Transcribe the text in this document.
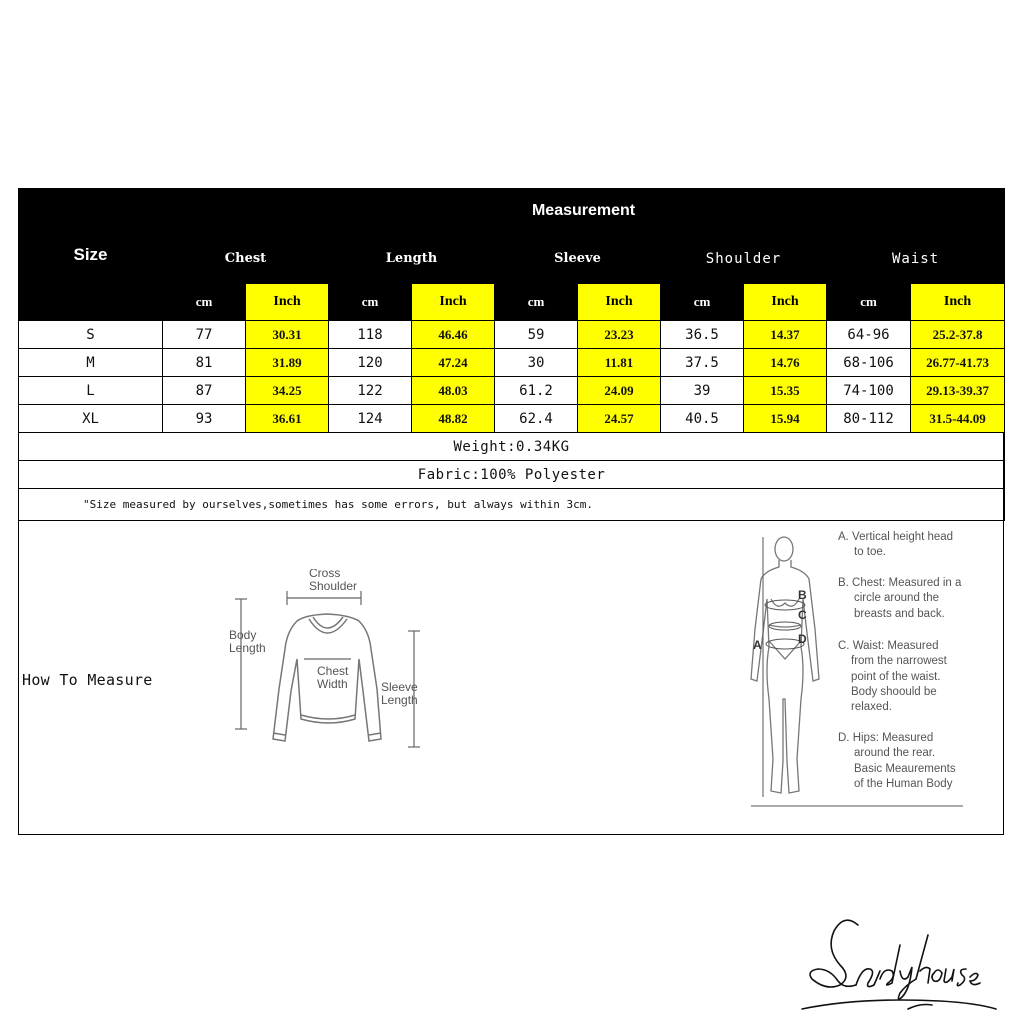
Size	Measurement									
	Chest		Length		Sleeve		Shoulder		Waist	
	cm	Inch	cm	Inch	cm	Inch	cm	Inch	cm	Inch
S	77	30.31	118	46.46	59	23.23	36.5	14.37	64-96	25.2-37.8
M	81	31.89	120	47.24	30	11.81	37.5	14.76	68-106	26.77-41.73
L	87	34.25	122	48.03	61.2	24.09	39	15.35	74-100	29.13-39.37
XL	93	36.61	124	48.82	62.4	24.57	40.5	15.94	80-112	31.5-44.09
Weight:0.34KG										
Fabric:100% Polyester										
"Size measured by ourselves,sometimes has some errors, but always within 3cm.										
How To Measure
Cross
Shoulder
Body
Length
Chest
Width	Sleeve
Length
A
B
C
D
A. Vertical height head
to toe.
B. Chest: Measured in a
circle around the
breasts and back.
C. Waist: Measured
from the narrowest
point of the waist.
Body shoould be
relaxed.
D. Hips: Measured
around the rear.
Basic Meaurements
of the Human Body
